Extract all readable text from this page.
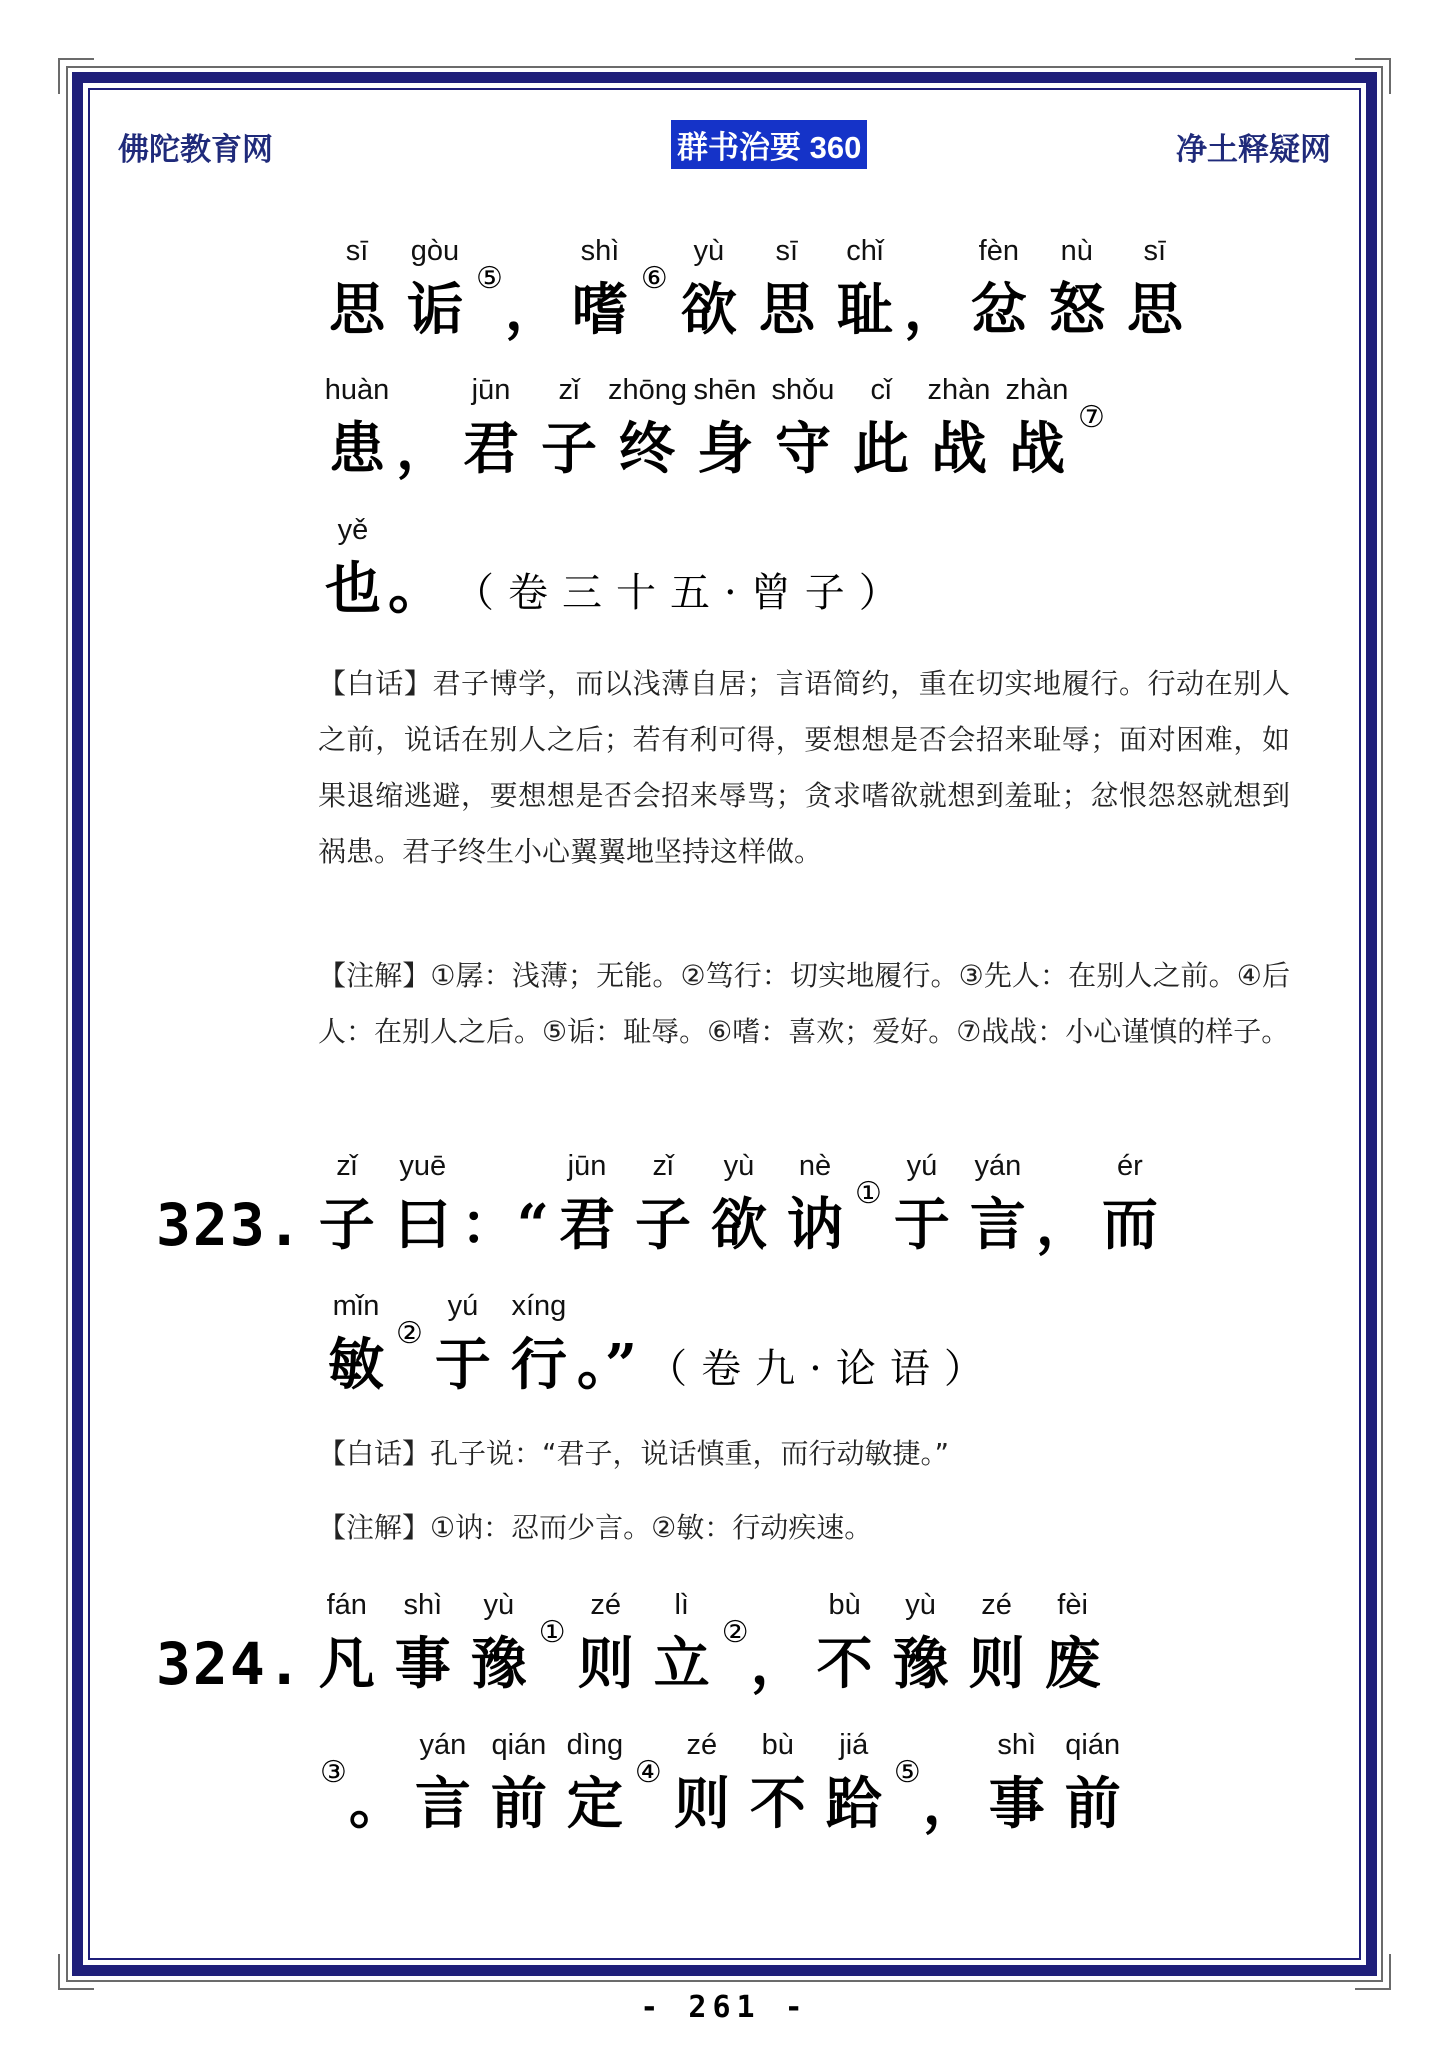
佛陀教育网	群书治要 360	净土释疑网
sī
思
gòu
诟 ⑤，
shì
嗜 ⑥
yù
欲
sī
思
chǐ
耻 ，
fèn
忿
nù
怒
sī
思
huàn
患 ，
jūn
君
zǐ
子
zhōng
终
shēn
身
shǒu
守
cǐ
此
zhàn
战
zhàn
战 ⑦
yě
也 。 （卷三十五·曾子）
【白话】君子博学，而以浅薄自居；言语简约，重在切实地履行。行动在别人之前，说话在别人之后；若有利可得，要想想是否会招来耻辱；面对困难，如果退缩逃避，要想想是否会招来辱骂；贪求嗜欲就想到羞耻；忿恨怨怒就想到祸患。君子终生小心翼翼地坚持这样做。
【注解】①孱：浅薄；无能。②笃行：切实地履行。③先人：在别人之前。④后人：在别人之后。⑤诟：耻辱。⑥嗜：喜欢；爱好。⑦战战：小心谨慎的样子。
323.
zǐ
子
yuē
曰 ：“
jūn
君
zǐ
子
yù
欲
nè
讷 ①
yú
于
yán
言 ，
ér
而
mǐn
敏 ②
yú
于
xíng
行 。” （卷九·论语）
【白话】孔子说：“君子，说话慎重，而行动敏捷。”
【注解】①讷：忍而少言。②敏：行动疾速。
324.
fán
凡
shì
事
yù
豫 ①
zé
则
lì
立 ②，
bù
不
yù
豫
zé
则
fèi
废
③。
yán
言
qián
前
dìng
定 ④
zé
则
bù
不
jiá
跲 ⑤，
shì
事
qián
前
- 261 -
